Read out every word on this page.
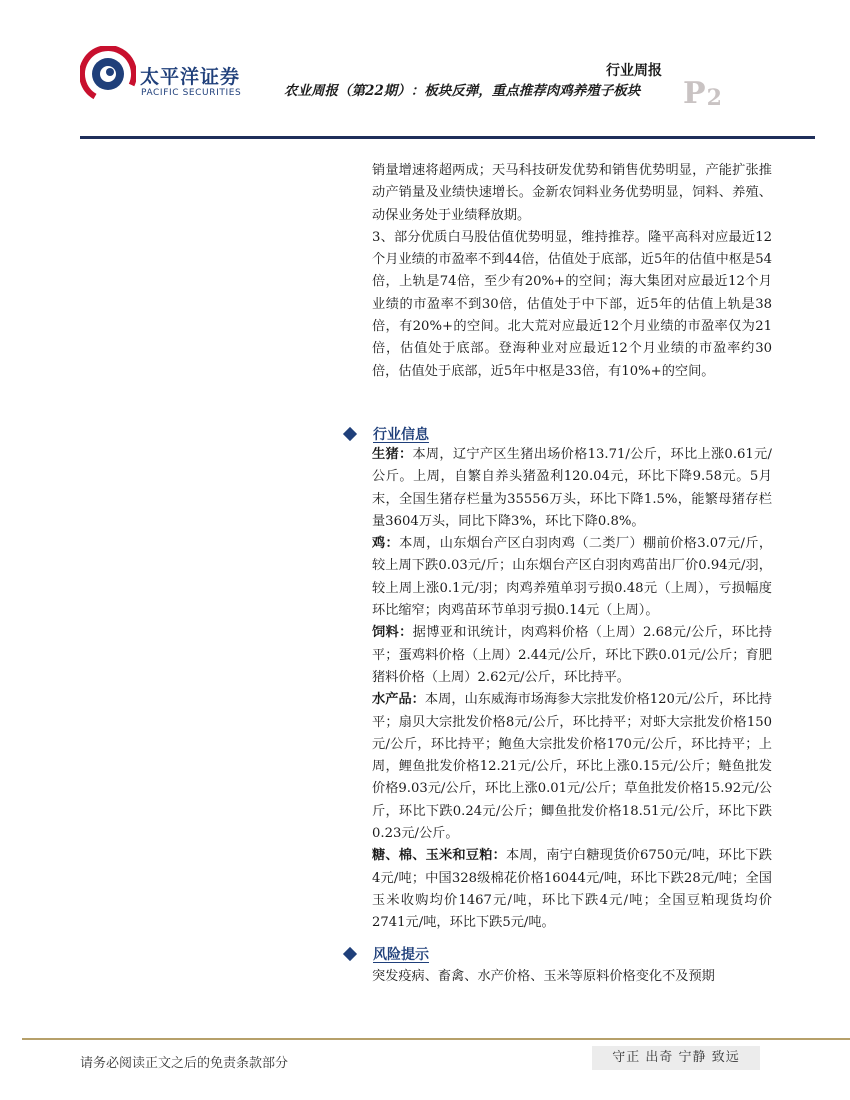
太平洋证券
PACIFIC SECURITIES
行业周报
农业周报（第22期）：板块反弹，重点推荐肉鸡养殖子板块 $P_2$

销量增速将超两成；天马科技研发优势和销售优势明显，产能扩张推动产销量及业绩快速增长。金新农饲料业务优势明显，饲料、养殖、动保业务处于业绩释放期。

3、部分优质白马股估值优势明显，维持推荐。隆平高科对应最近12个月业绩的市盈率不到44倍，估值处于底部，近5年的估值中枢是54倍，上轨是74倍，至少有20%+的空间；海大集团对应最近12个月业绩的市盈率不到30倍，估值处于中下部，近5年的估值上轨是38倍，有20%+的空间。北大荒对应最近12个月业绩的市盈率仅为21倍，估值处于底部。登海种业对应最近12个月业绩的市盈率约30倍，估值处于底部，近5年中枢是33倍，有10%+的空间。

行业信息

生猪：本周，辽宁产区生猪出场价格13.71/公斤，环比上涨0.61元/公斤。上周，自繁自养头猪盈利120.04元，环比下降9.58元。5月末，全国生猪存栏量为35556万头，环比下降1.5%，能繁母猪存栏量3604万头，同比下降3%，环比下降0.8%。

鸡：本周，山东烟台产区白羽肉鸡（二类厂）棚前价格3.07元/斤，较上周下跌0.03元/斤；山东烟台产区白羽肉鸡苗出厂价0.94元/羽，较上周上涨0.1元/羽；肉鸡养殖单羽亏损0.48元（上周），亏损幅度环比缩窄；肉鸡苗环节单羽亏损0.14元（上周）。

饲料：据博亚和讯统计，肉鸡料价格（上周）2.68元/公斤，环比持平；蛋鸡料价格（上周）2.44元/公斤，环比下跌0.01元/公斤；育肥猪料价格（上周）2.62元/公斤，环比持平。

水产品：本周，山东威海市场海参大宗批发价格120元/公斤，环比持平；扇贝大宗批发价格8元/公斤，环比持平；对虾大宗批发价格150元/公斤，环比持平；鲍鱼大宗批发价格170元/公斤，环比持平；上周，鲤鱼批发价格12.21元/公斤，环比上涨0.15元/公斤；鲢鱼批发价格9.03元/公斤，环比上涨0.01元/公斤；草鱼批发价格15.92元/公斤，环比下跌0.24元/公斤；鲫鱼批发价格18.51元/公斤，环比下跌0.23元/公斤。

糖、棉、玉米和豆粕：本周，南宁白糖现货价6750元/吨，环比下跌4元/吨；中国328级棉花价格16044元/吨，环比下跌28元/吨；全国玉米收购均价1467元/吨，环比下跌4元/吨；全国豆粕现货均价2741元/吨，环比下跌5元/吨。

风险提示
突发疫病、畜禽、水产价格、玉米等原料价格变化不及预期
请务必阅读正文之后的免责条款部分	守正 出奇 宁静 致远
